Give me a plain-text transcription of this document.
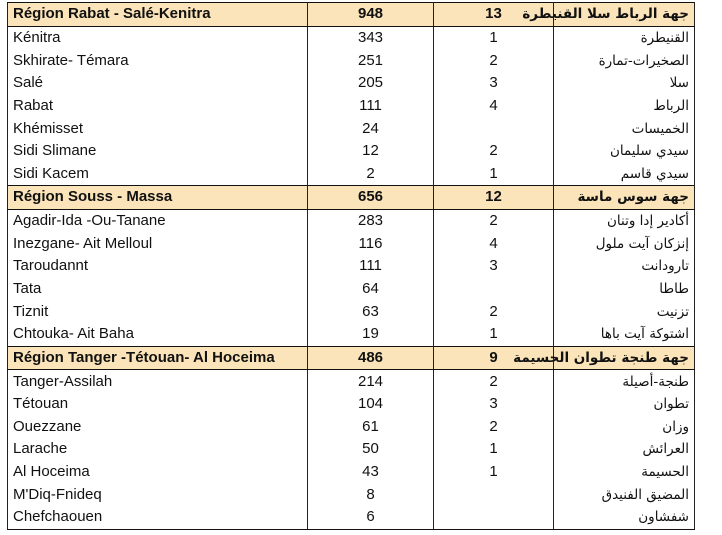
Région Rabat - Salé-Kenitra	948	13	جهة الرباط سلا القنيطرة
Kénitra	343	1	القنيطرة
Skhirate- Témara	251	2	الصخيرات-تمارة
Salé	205	3	سلا
Rabat	111	4	الرباط
Khémisset	24		الخميسات
Sidi Slimane	12	2	سيدي سليمان
Sidi Kacem	2	1	سيدي قاسم
Région Souss - Massa	656	12	جهة سوس ماسة
Agadir-Ida -Ou-Tanane	283	2	أكادير إدا وتنان
Inezgane- Ait Melloul	116	4	إنزكان آيت ملول
Taroudannt	111	3	تارودانت
Tata	64		طاطا
Tiznit	63	2	تزنيت
Chtouka- Ait Baha	19	1	اشتوكة آيت باها
Région Tanger -Tétouan- Al Hoceima	486	9	جهة طنجة تطوان الحسيمة
Tanger-Assilah	214	2	طنجة-أصيلة
Tétouan	104	3	تطوان
Ouezzane	61	2	وزان
Larache	50	1	العرائش
Al Hoceima	43	1	الحسيمة
M'Diq-Fnideq	8		المضيق الفنيدق
Chefchaouen	6		شفشاون
